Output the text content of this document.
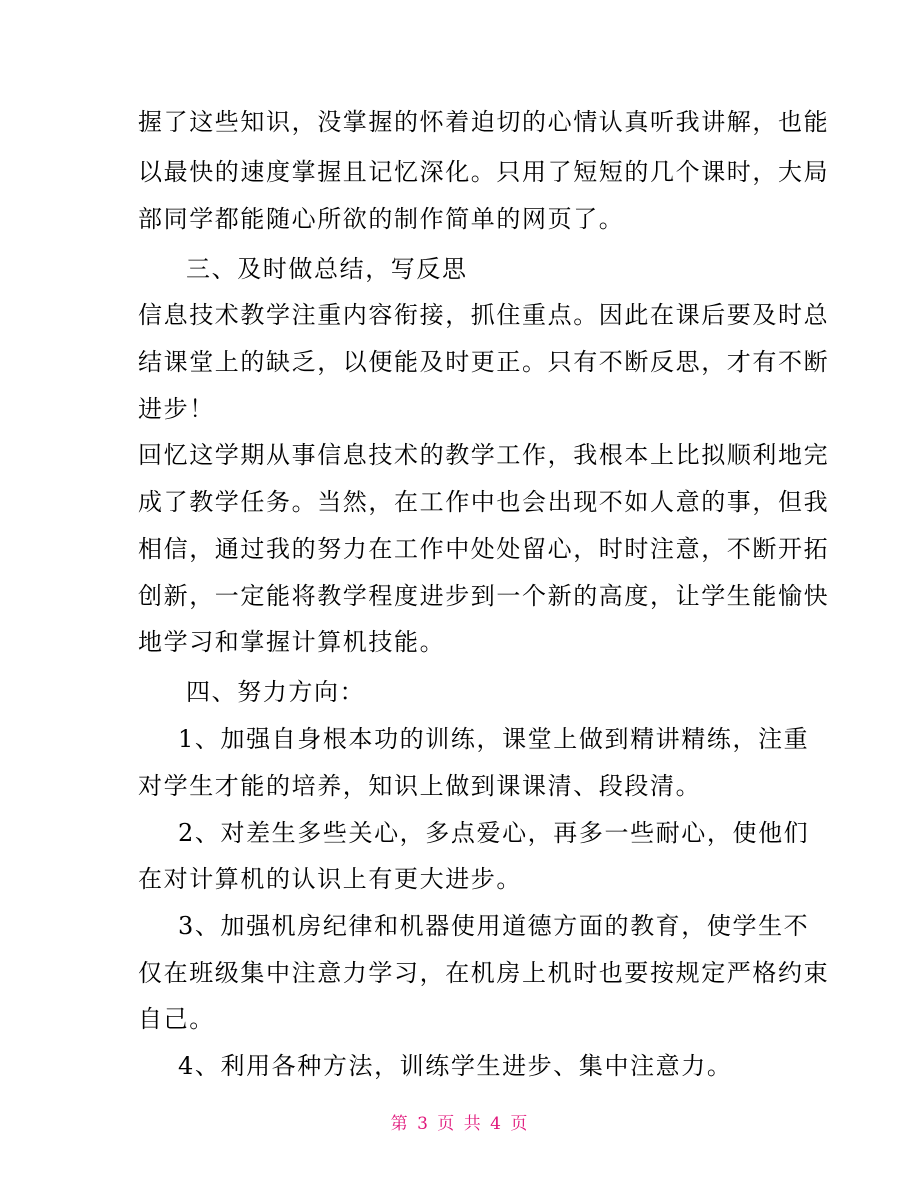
握了这些知识，没掌握的怀着迫切的心情认真听我讲解，也能
以最快的速度掌握且记忆深化。只用了短短的几个课时，大局
部同学都能随心所欲的制作简单的网页了。
三、及时做总结，写反思
信息技术教学注重内容衔接，抓住重点。因此在课后要及时总
结课堂上的缺乏，以便能及时更正。只有不断反思，才有不断
进步！
回忆这学期从事信息技术的教学工作，我根本上比拟顺利地完
成了教学任务。当然，在工作中也会出现不如人意的事，但我
相信，通过我的努力在工作中处处留心，时时注意，不断开拓
创新，一定能将教学程度进步到一个新的高度，让学生能愉快
地学习和掌握计算机技能。
四、努力方向：
1、加强自身根本功的训练，课堂上做到精讲精练，注重
对学生才能的培养，知识上做到课课清、段段清。
2、对差生多些关心，多点爱心，再多一些耐心，使他们
在对计算机的认识上有更大进步。
3、加强机房纪律和机器使用道德方面的教育，使学生不
仅在班级集中注意力学习，在机房上机时也要按规定严格约束
自己。
4、利用各种方法，训练学生进步、集中注意力。
第 3 页 共 4 页
